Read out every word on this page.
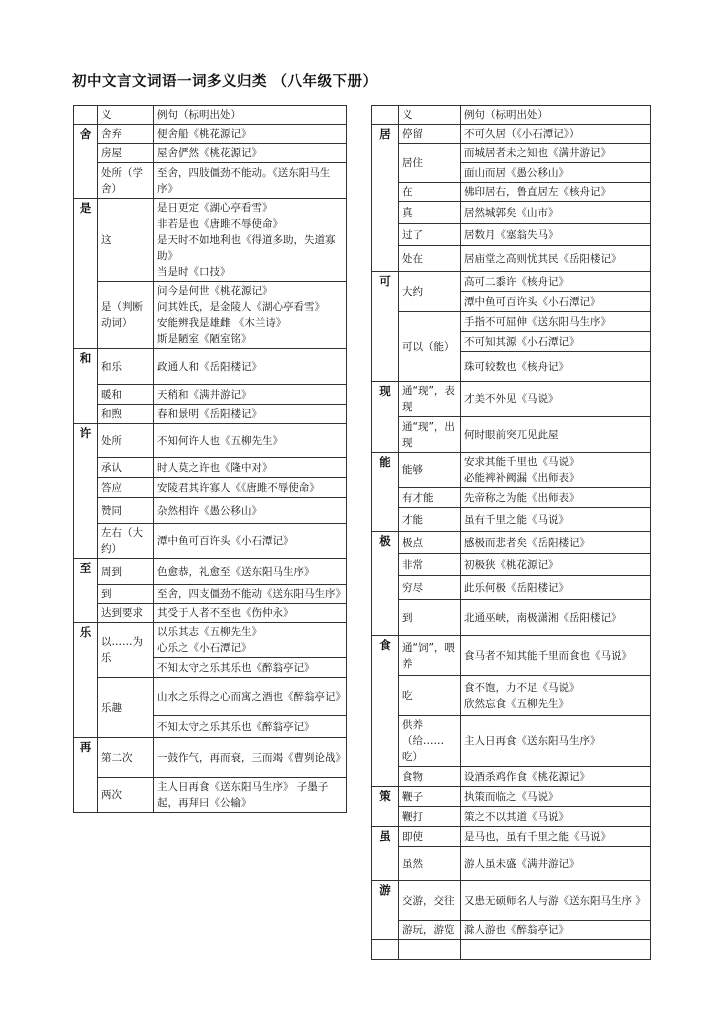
初中文言文词语一词多义归类 （八年级下册）
	义	例句（标明出处）
舍	舍弃	便舍船《桃花源记》

	房屋	屋舍俨然《桃花源记》

	处所（学舍）	至舍，四肢僵劲不能动。《送东阳马生序》

是	这	是日更定《湖心亭看雪》
非若是也《唐雎不辱使命》
是天时不如地利也《得道多助，失道寡助》
当是时《口技》

	是（判断动词）	问今是何世《桃花源记》
问其姓氏，是金陵人《湖心亭看雪》
安能辨我是雄雌 《木兰诗》
斯是陋室《陋室铭》

和	和乐	政通人和《岳阳楼记》

	暖和	天稍和《满井游记》

	和煦	春和景明《岳阳楼记》

许	处所	不知何许人也《五柳先生》

	承认	时人莫之许也《隆中对》

	答应	安陵君其许寡人《《唐雎不辱使命》

	赞同	杂然相许《愚公移山》

	左右（大约）	潭中鱼可百许头《小石潭记》

至	周到	色愈恭，礼愈至《送东阳马生序》

	到	至舍，四支僵劲不能动《送东阳马生序》

	达到要求	其受于人者不至也《伤仲永》

乐	以……为乐	以乐其志《五柳先生》
心乐之《小石潭记》

		不知太守之乐其乐也《醉翁亭记》

	乐趣	山水之乐得之心而寓之酒也《醉翁亭记》

		不知太守之乐其乐也《醉翁亭记》

再	第二次	一鼓作气，再而衰，三而竭《曹刿论战》

	两次	主人日再食《送东阳马生序》 子墨子起，再拜曰《公输》
	义	例句（标明出处）
居	停留	不可久居（《小石潭记》）

	居住	而城居者未之知也《满井游记》

		面山而居《愚公移山》

	在	佛印居右，鲁直居左《核舟记》

	真	居然城郭矣《山市》

	过了	居数月《塞翁失马》

	处在	居庙堂之高则忧其民《岳阳楼记》

可	大约	高可二黍许《核舟记》

		潭中鱼可百许头《小石潭记》

	可以（能）	手指不可屈伸《送东阳马生序》

		不可知其源《小石潭记》

		珠可较数也《核舟记》

现	通“现”，表现	才美不外见《马说》

	通“现”，出现	何时眼前突兀见此屋

能	能够	安求其能千里也《马说》
必能裨补阙漏《出师表》

	有才能	先帝称之为能《出师表》

	才能	虽有千里之能《马说》

极	极点	感极而悲者矣《岳阳楼记》

	非常	初极狭《桃花源记》

	穷尽	此乐何极《岳阳楼记》

	到	北通巫峡，南极潇湘《岳阳楼记》

食	通“饲”，喂养	食马者不知其能千里而食也《马说》

	吃	食不饱，力不足《马说》
欣然忘食《五柳先生》

	供养（给……吃）	主人日再食《送东阳马生序》

	食物	设酒杀鸡作食《桃花源记》

策	鞭子	执策而临之《马说》

	鞭打	策之不以其道《马说》

虽	即使	是马也，虽有千里之能《马说》

	虽然	游人虽未盛《满井游记》

游	交游，交往	又患无硕师名人与游《送东阳马生序 》

	游玩，游览	滁人游也《醉翁亭记》
